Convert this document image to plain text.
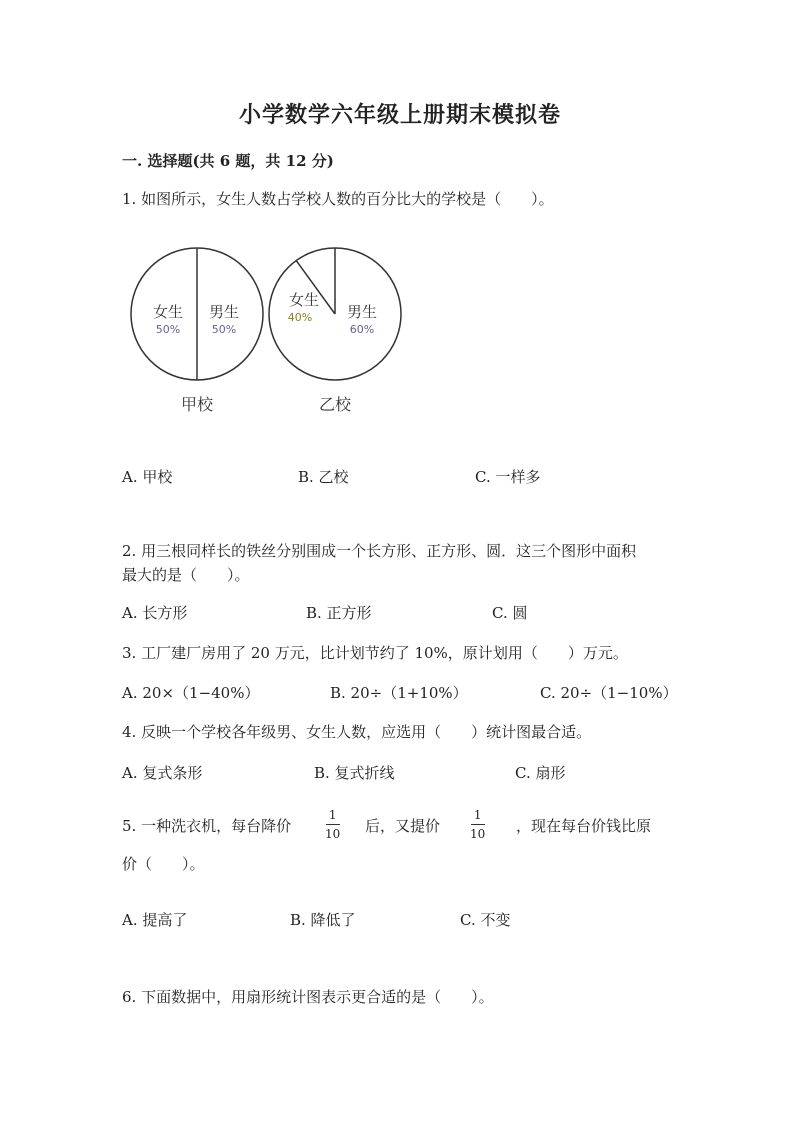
小学数学六年级上册期末模拟卷
一. 选择题(共 6 题，共 12 分)
1. 如图所示，女生人数占学校人数的百分比大的学校是（　　）。
女生
50%
男生
50%
甲校
女生
40% 男生
60%
乙校
A. 甲校	B. 乙校	C. 一样多
2. 用三根同样长的铁丝分别围成一个长方形、正方形、圆．这三个图形中面积
最大的是（　　）。
A. 长方形	B. 正方形	C. 圆
3. 工厂建厂房用了 20 万元，比计划节约了 10%，原计划用（　　）万元。
A. 20×（1−40%）	B. 20÷（1+10%）	C. 20÷（1−10%）
4. 反映一个学校各年级男、女生人数，应选用（　　）统计图最合适。
A. 复式条形	B. 复式折线	C. 扇形
5. 一种洗衣机，每台降价
1
10 后，又提价
1
10 ，现在每台价钱比原
价（　　）。
A. 提高了	B. 降低了	C. 不变
6. 下面数据中，用扇形统计图表示更合适的是（　　）。
